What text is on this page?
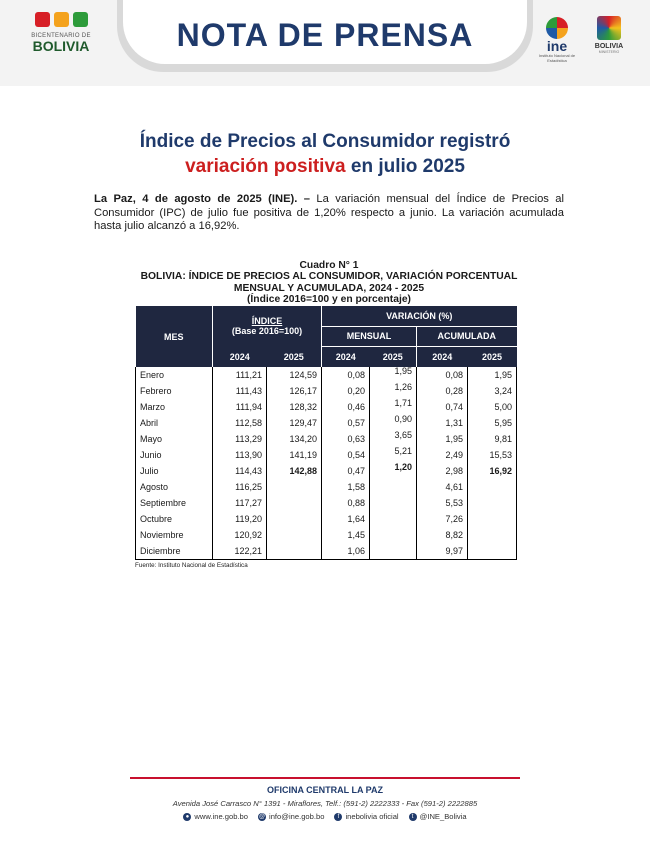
BICENTENARIO DE
BOLIVIA	NOTA DE PRENSA	ine
Instituto Nacional de Estadística
BOLIVIA
MINISTERIO
Índice de Precios al Consumidor registró
variación positiva en julio 2025
La Paz, 4 de agosto de 2025 (INE). – La variación mensual del Índice de Precios al Consumidor (IPC) de julio fue positiva de 1,20% respecto a junio. La variación acumulada hasta julio alcanzó a 16,92%.
Cuadro N° 1
BOLIVIA: ÍNDICE DE PRECIOS AL CONSUMIDOR, VARIACIÓN PORCENTUAL
MENSUAL Y ACUMULADA, 2024 - 2025
(Índice 2016=100 y en porcentaje)
MES	ÍNDICE
(Base 2016=100)		VARIACIÓN (%)			
			MENSUAL		ACUMULADA	
	2024	2025	2024	2025	2024	2025
Enero	111,21	124,59	0,08	1,95	0,08	1,95
Febrero	111,43	126,17	0,20	1,26	0,28	3,24
Marzo	111,94	128,32	0,46	1,71	0,74	5,00
Abril	112,58	129,47	0,57	0,90	1,31	5,95
Mayo	113,29	134,20	0,63	3,65	1,95	9,81
Junio	113,90	141,19	0,54	5,21	2,49	15,53
Julio	114,43	142,88	0,47	1,20	2,98	16,92
Agosto	116,25		1,58		4,61	
Septiembre	117,27		0,88		5,53	
Octubre	119,20		1,64		7,26	
Noviembre	120,92		1,45		8,82	
Diciembre	122,21		1,06		9,97	
Fuente: Instituto Nacional de Estadística
OFICINA CENTRAL LA PAZ
Avenida José Carrasco N° 1391 - Miraflores, Telf.: (591-2) 2222333 - Fax (591-2) 2222885
● www.ine.gob.bo @ info@ine.gob.bo	f inebolivia oficial	t @INE_Bolivia
